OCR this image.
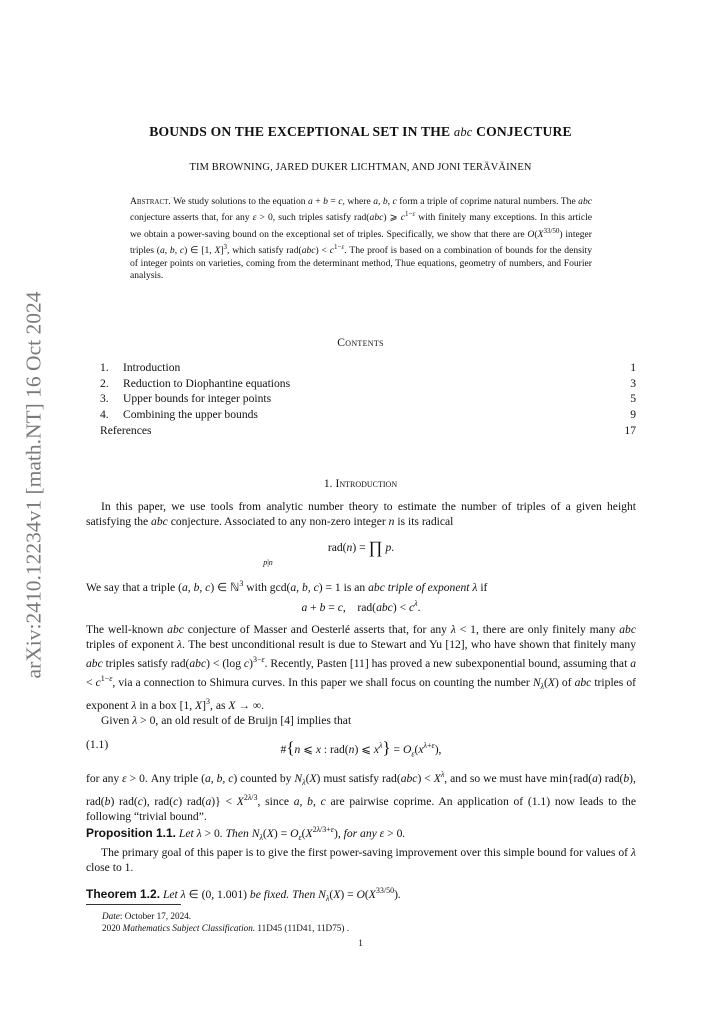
arXiv:2410.12234v1 [math.NT] 16 Oct 2024
BOUNDS ON THE EXCEPTIONAL SET IN THE abc CONJECTURE
TIM BROWNING, JARED DUKER LICHTMAN, AND JONI TERÄVÄINEN
Abstract. We study solutions to the equation a + b = c, where a, b, c form a triple of coprime natural numbers. The abc conjecture asserts that, for any ε > 0, such triples satisfy rad(abc) ⩾ $c^{1-\varepsilon}$ with finitely many exceptions. In this article we obtain a power-saving bound on the exceptional set of triples. Specifically, we show that there are $O(X^{33/50})$ integer triples (a, b, c) ∈ [1, X]$^3$, which satisfy $rad(abc) < c^{1-\varepsilon}$. The proof is based on a combination of bounds for the density of integer points on varieties, coming from the determinant method, Thue equations, geometry of numbers, and Fourier analysis.
Contents
1. Introduction	1
2. Reduction to Diophantine equations	3
3. Upper bounds for integer points	5
4. Combining the upper bounds	9
References	17
1. Introduction
In this paper, we use tools from analytic number theory to estimate the number of triples of a given height satisfying the abc conjecture. Associated to any non-zero integer n is its radical
rad(n) = ∏ p.
p|n
We say that a triple (a, b, c) ∈ ℕ$^3$ with gcd(a, b, c) = 1 is an abc triple of exponent λ if
a + b = c,    $rad(abc) < c^\lambda$.
The well-known abc conjecture of Masser and Oesterlé asserts that, for any λ < 1, there are only finitely many abc triples of exponent λ. The best unconditional result is due to Stewart and Yu [12], who have shown that finitely many abc triples satisfy rad(abc) < (log c)$^{3-\varepsilon}$. Recently, Pasten [11] has proved a new subexponential bound, assuming that $a < c^{1-\varepsilon}$, via a connection to Shimura curves. In this paper we shall focus on counting the number $N_\lambda(X)$ of abc triples of exponent λ in a box [1, X]$^3$, as X → ∞.
Given λ > 0, an old result of de Bruijn [4] implies that
(1.1)	#{n ⩽ x : rad(n) ⩽ $x^\lambda\} = O_\varepsilon(x^{\lambda+\varepsilon})$,
for any ε > 0. Any triple (a, b, c) counted by $N_\lambda(X)$ must satisfy $rad(abc) < X^\lambda$, and so we must have min{rad(a) rad(b), rad(b) rad(c), rad(c) $rad(a)\} < X^{2\lambda/3}$, since a, b, c are pairwise coprime. An application of (1.1) now leads to the following “trivial bound”.
Proposition 1.1. Let λ > 0. Then $N_\lambda(X) = O_\varepsilon(X^{2\lambda/3+\varepsilon})$, for any ε > 0.
The primary goal of this paper is to give the first power-saving improvement over this simple bound for values of λ close to 1.
Theorem 1.2. Let λ ∈ (0, 1.001) be fixed. Then $N_\lambda(X) = O(X^{33/50})$.
Date: October 17, 2024.
2020 Mathematics Subject Classification. 11D45 (11D41, 11D75) .
1
